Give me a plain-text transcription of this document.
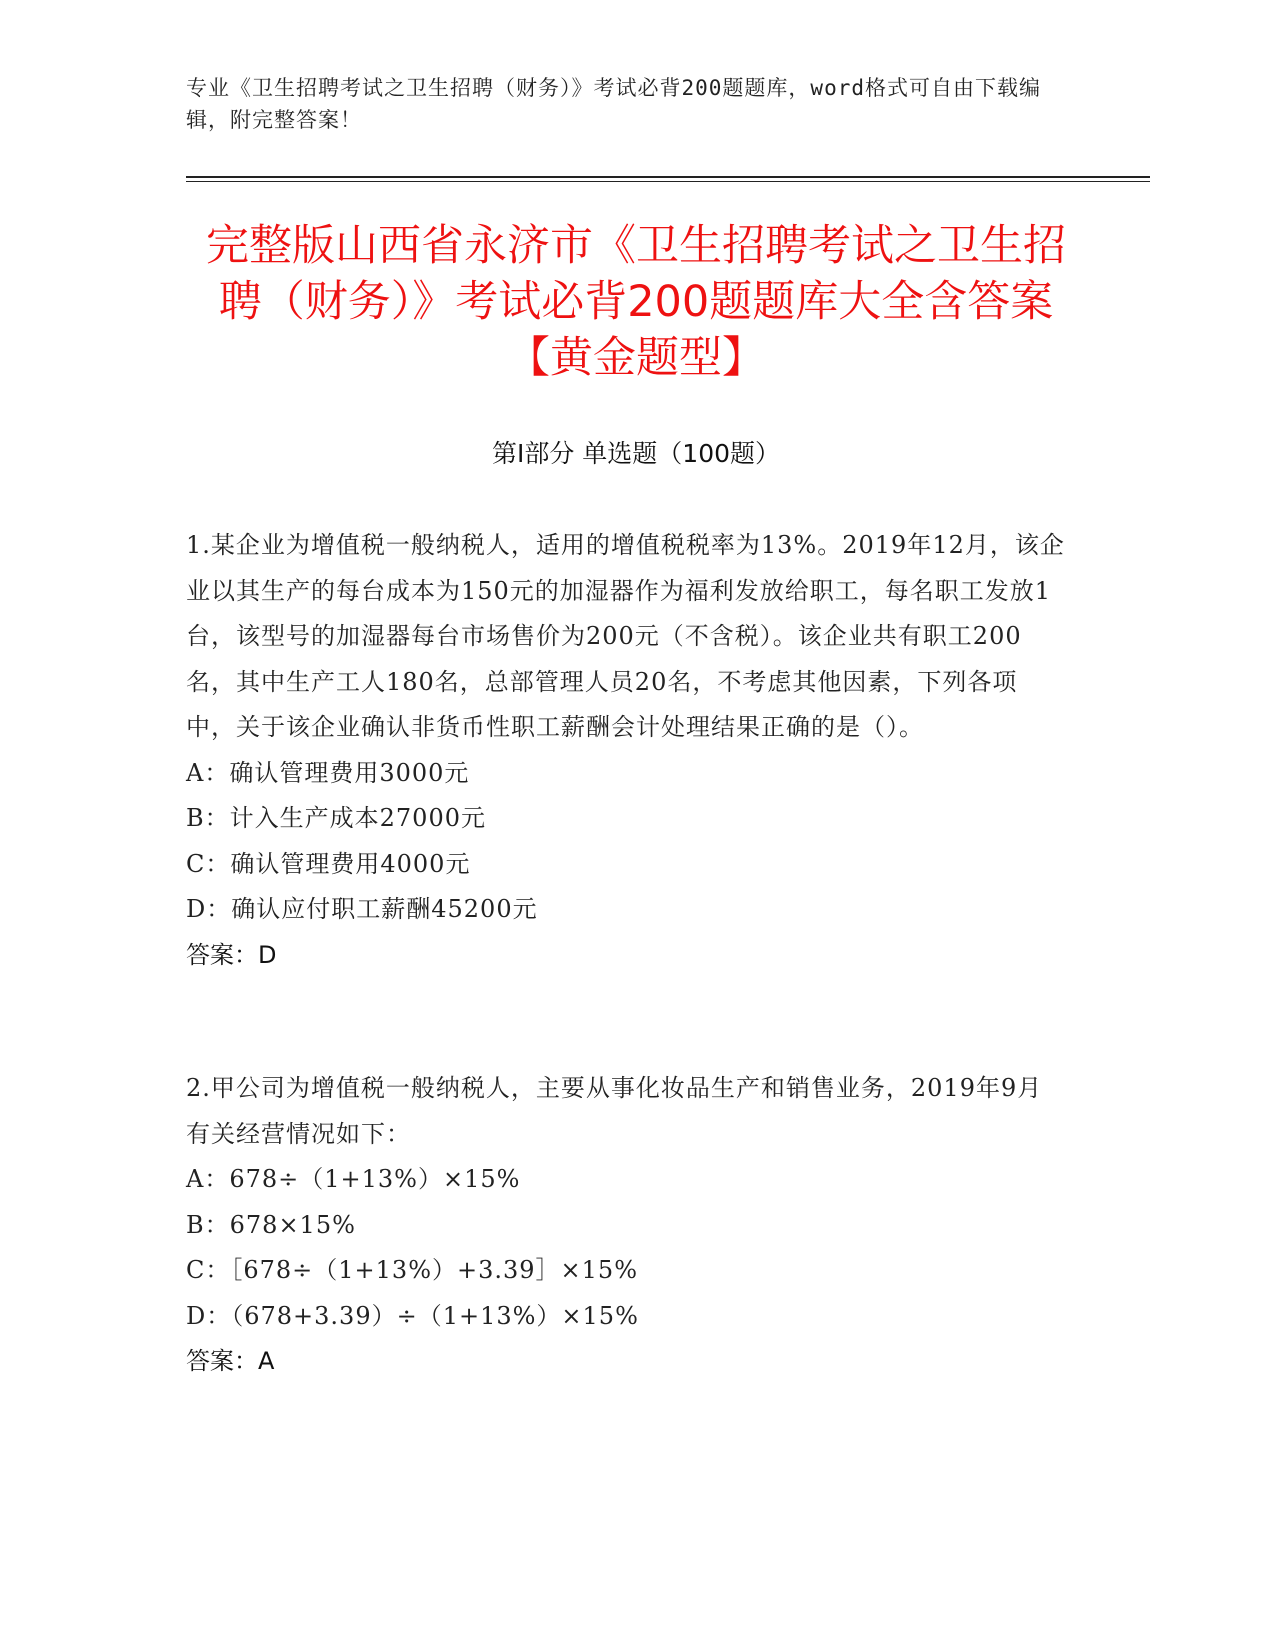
专业《卫生招聘考试之卫生招聘（财务）》考试必背200题题库，word格式可自由下载编辑，附完整答案！
完整版山西省永济市《卫生招聘考试之卫生招聘（财务）》考试必背200题题库大全含答案【黄金题型】
第Ⅰ部分 单选题（100题）
1.某企业为增值税一般纳税人，适用的增值税税率为13%。2019年12月，该企业以其生产的每台成本为150元的加湿器作为福利发放给职工，每名职工发放1台，该型号的加湿器每台市场售价为200元（不含税）。该企业共有职工200名，其中生产工人180名，总部管理人员20名，不考虑其他因素，下列各项中，关于该企业确认非货币性职工薪酬会计处理结果正确的是（）。
A：确认管理费用3000元
B：计入生产成本27000元
C：确认管理费用4000元
D：确认应付职工薪酬45200元
答案：D
2.甲公司为增值税一般纳税人，主要从事化妆品生产和销售业务，2019年9月有关经营情况如下：
A：678÷（1+13%）×15%
B：678×15%
C：［678÷（1+13%）+3.39］×15%
D：（678+3.39）÷（1+13%）×15%
答案：A
